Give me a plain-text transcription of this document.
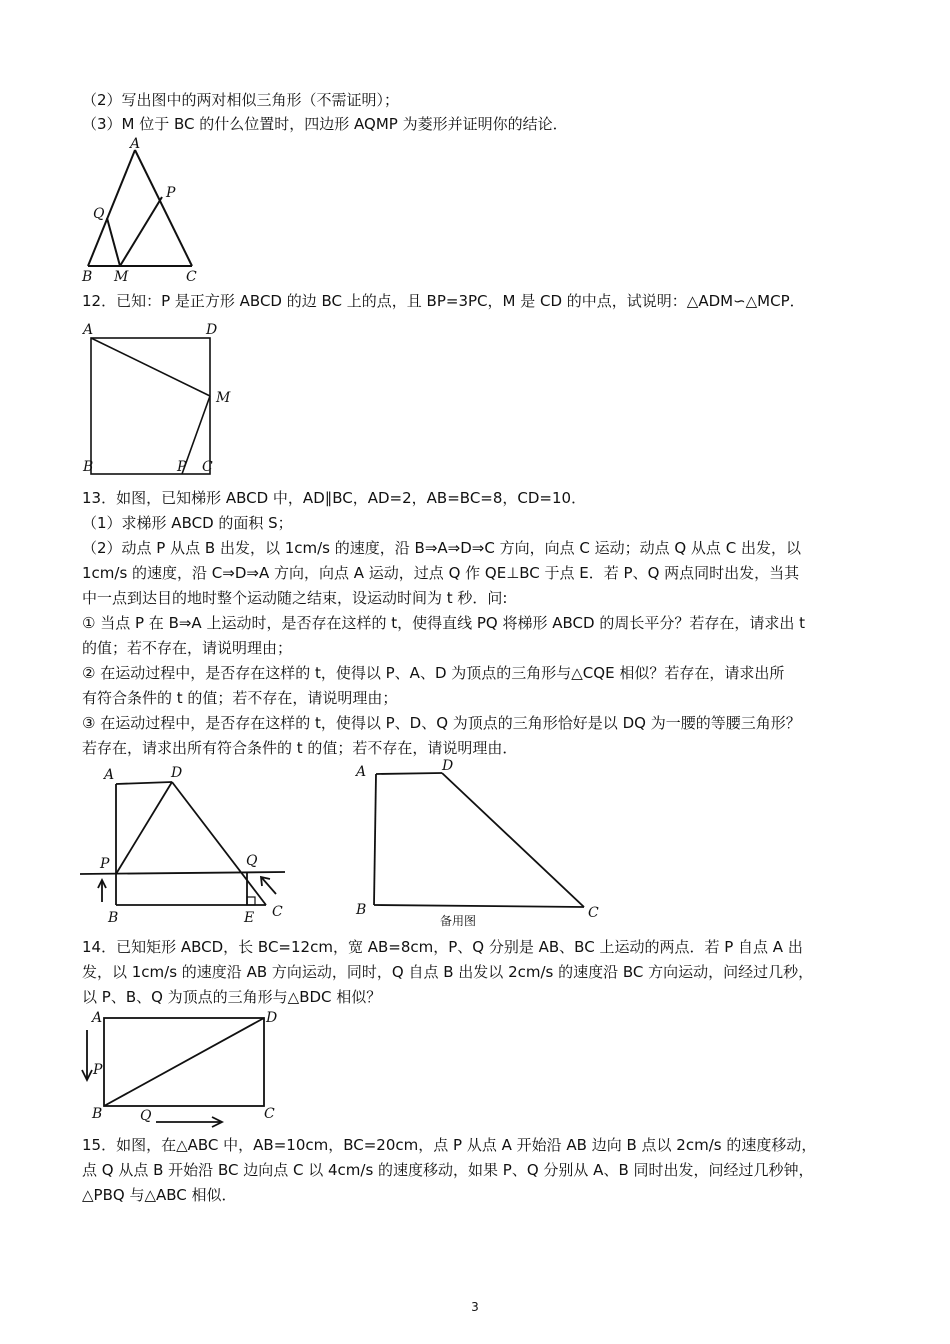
（2）写出图中的两对相似三角形（不需证明）；
（3）M 位于 BC 的什么位置时，四边形 AQMP 为菱形并证明你的结论．
A
B	C
M
P
Q
12．已知：P 是正方形 ABCD 的边 BC 上的点，且 BP=3PC，M 是 CD 的中点，试说明：△ADM∽△MCP．
A	D
M
B	P C
13．如图，已知梯形 ABCD 中，AD∥BC，AD=2，AB=BC=8，CD=10．
（1）求梯形 ABCD 的面积 S；
（2）动点 P 从点 B 出发，以 1cm/s 的速度，沿 B⇒A⇒D⇒C 方向，向点 C 运动；动点 Q 从点 C 出发，以
1cm/s 的速度，沿 C⇒D⇒A 方向，向点 A 运动，过点 Q 作 QE⊥BC 于点 E．若 P、Q 两点同时出发，当其
中一点到达目的地时整个运动随之结束，设运动时间为 t 秒．问:
① 当点 P 在 B⇒A 上运动时，是否存在这样的 t，使得直线 PQ 将梯形 ABCD 的周长平分？若存在，请求出 t
的值；若不存在，请说明理由；
② 在运动过程中，是否存在这样的 t，使得以 P、A、D 为顶点的三角形与△CQE 相似？若存在，请求出所
有符合条件的 t 的值；若不存在，请说明理由；
③ 在运动过程中，是否存在这样的 t，使得以 P、D、Q 为顶点的三角形恰好是以 DQ 为一腰的等腰三角形？
若存在，请求出所有符合条件的 t 的值；若不存在，请说明理由．
A	D
P	Q
B	E C
A	D
B	C
备用图
14．已知矩形 ABCD，长 BC=12cm，宽 AB=8cm，P、Q 分别是 AB、BC 上运动的两点．若 P 自点 A 出
发，以 1cm/s 的速度沿 AB 方向运动，同时，Q 自点 B 出发以 2cm/s 的速度沿 BC 方向运动，问经过几秒，
以 P、B、Q 为顶点的三角形与△BDC 相似？
A	D
P
B	Q	C
15．如图，在△ABC 中，AB=10cm，BC=20cm，点 P 从点 A 开始沿 AB 边向 B 点以 2cm/s 的速度移动，
点 Q 从点 B 开始沿 BC 边向点 C 以 4cm/s 的速度移动，如果 P、Q 分别从 A、B 同时出发，问经过几秒钟，
△PBQ 与△ABC 相似．
3
